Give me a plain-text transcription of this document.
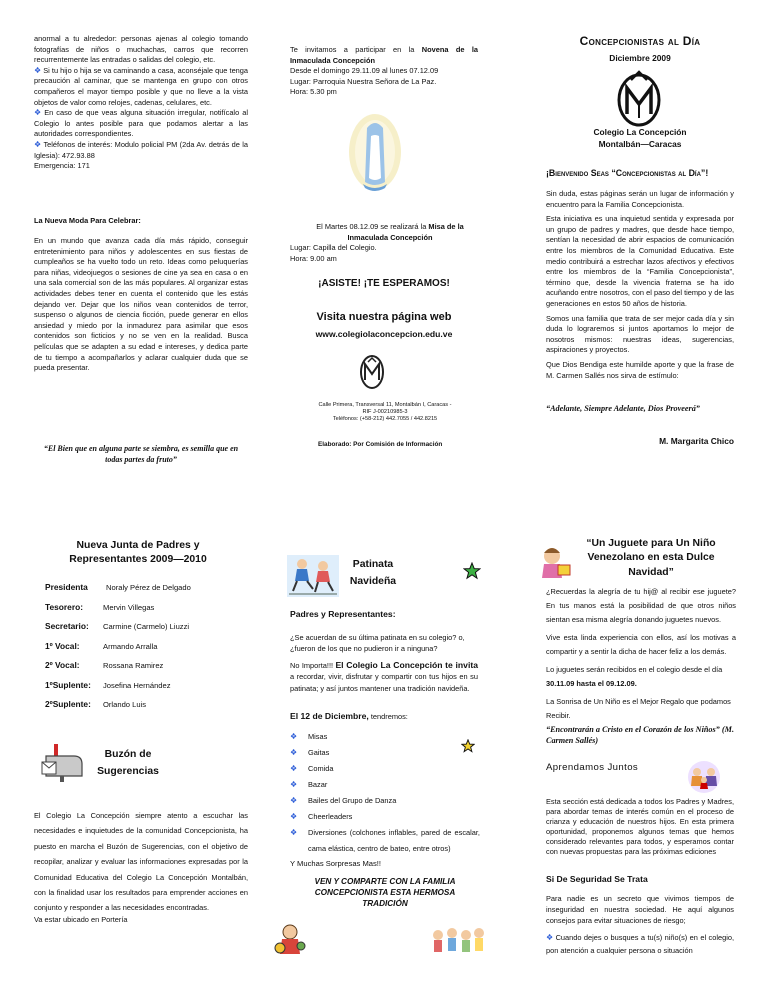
anormal a tu alrededor: personas ajenas al colegio tomando fotografías de niños o muchachas, carros que recorren recurrentemente las entradas o salidas del colegio, etc.

❖ Si tu hijo o hija se va caminando a casa, aconséjale que tenga precaución al caminar, que se mantenga en grupo con otros compañeros el mayor tiempo posible y que no lleve a la vista objetos de valor como relojes, cadenas, celulares, etc.

❖ En caso de que veas alguna situación irregular, notifícalo al Colegio lo antes posible para que podamos alertar a las autoridades correspondientes.

❖ Teléfonos de interés: Modulo policial PM (2da Av. detrás de la Iglesia): 472.93.88

Emergencia: 171

La Nueva Moda Para Celebrar:
En un mundo que avanza cada día más rápido, conseguir entretenimiento para niños y adolescentes en sus fiestas de cumpleaños se ha vuelto todo un reto. Ideas como peluquerías para niñas, videojuegos o sesiones de cine ya sea en casa o en una sala comercial son de las más populares. Al organizar estas actividades debes tener en cuenta el contenido que les estás dejando ver. Dejar que los niños vean contenidos de terror, suspenso o algunos de ciencia ficción, puede generar en ellos ansiedad y miedo por la inmadurez para asimilar que esos contenidos son ficticios y no se ven en la realidad. Busca películas que se adapten a su edad e intereses, y dedica parte de tu tiempo a acompañarlos y aclarar cualquier duda que se pueda presentar.
“El Bien que en alguna parte se siembra, es semilla que en todas partes da fruto”

Te invitamos a participar en la Novena de la Inmaculada Concepción

Desde el domingo 29.11.09 al lunes 07.12.09

Lugar: Parroquia Nuestra Señora de La Paz.

Hora: 5.30 pm

El Martes 08.12.09 se realizará la Misa de la Inmaculada Concepción

Lugar: Capilla del Colegio.

Hora: 9.00 am

¡ASISTE! ¡TE ESPERAMOS!
Visita nuestra página web
www.colegiolaconcepcion.edu.ve

Calle Primera, Transversal 11, Montalbán I, Caracas -

RIF J-00210985-3

Teléfonos: (+58-212) 442.7055 / 442.8215

Elaborado: Por Comisión de Información
Concepcionistas al Día
Diciembre 2009
Colegio La Concepción
Montalbán—Caracas
¡Bienvenido Seas “Concepcionistas al Día”!

Sin duda, estas páginas serán un lugar de información y encuentro para la Familia Concepcionista.

Esta iniciativa es una inquietud sentida y expresada por un grupo de padres y madres, que desde hace tiempo, sentían la necesidad de abrir espacios de comunicación entre los miembros de la Comunidad Educativa. Este medio contribuirá a estrechar lazos afectivos y efectivos entre los miembros de la “Familia Concepcionista”, término que, desde la vivencia fraterna se ha ido acuñando entre nosotros, con el paso del tiempo y de las generaciones en estos 50 años de historia.

Somos una familia que trata de ser mejor cada día y sin duda lo lograremos si juntos aportamos lo mejor de nosotros mismos: nuestras ideas, sugerencias, aspiraciones y proyectos.

Que Dios Bendiga este humilde aporte y que la frase de M. Carmen Sallés nos sirva de estímulo:

“Adelante, Siempre Adelante, Dios Proveerá”
M. Margarita Chico
Nueva Junta de Padres y Representantes 2009—2010
Presidenta	Noraly Pérez de Delgado
Tesorero:	Mervin Villegas
Secretario:	Carmine (Carmelo) Liuzzi
1º Vocal:	Armando Arralla
2º Vocal:	Rossana Ramirez
1ºSuplente:	Josefina Hernández
2ºSuplente:	Orlando Luis
Buzón de Sugerencias
El Colegio La Concepción siempre atento a escuchar las necesidades e inquietudes de la comunidad Concepcionista, ha puesto en marcha el Buzón de Sugerencias, con el objetivo de recopilar, analizar y evaluar las informaciones expresadas por la Comunidad Educativa del Colegio La Concepción Montalbán, con la finalidad usar los resultados para emprender acciones en conjunto y responder a las necesidades encontradas.
Va estar ubicado en Portería
Patinata Navideña
Padres y Representantes:
¿Se acuerdan de su última patinata en su colegio? o, ¿fueron de los que no pudieron ir a ninguna?
No Importa!!! El Colegio La Concepción te invita a recordar, vivir, disfrutar y compartir con tus hijos en su patinata; y así juntos mantener una tradición navideña.
El 12 de Diciembre, tendremos:
❖	Misas
❖	Gaitas
❖	Comida
❖	Bazar
❖	Bailes del Grupo de Danza
❖	Cheerleaders
❖	Diversiones (colchones inflables, pared de escalar, cama elástica, centro de bateo, entre otros)
Y Muchas Sorpresas Mas!!
VEN Y COMPARTE CON LA FAMILIA CONCEPCIONISTA ESTA HERMOSA TRADICIÓN
“Un Juguete para Un Niño Venezolano en esta Dulce Navidad”

¿Recuerdas la alegría de tu hij@ al recibir ese juguete? En tus manos está la posibilidad de que otros niños sientan esa misma alegría donando juguetes nuevos.

Vive esta linda experiencia con ellos, así los motivas a compartir y a sentir la dicha de hacer feliz a los demás.

Lo juguetes serán recibidos en el colegio desde el día 30.11.09 hasta el 09.12.09.

La Sonrisa de Un Niño es el Mejor Regalo que podamos Recibir.

“Encontrarán a Cristo en el Corazón de los Niños” (M. Carmen Sallés)
Aprendamos Juntos
Esta sección está dedicada a todos los Padres y Madres, para abordar temas de interés común en el proceso de crianza y educación de nuestros hijos. En esta primera oportunidad, proponemos algunos temas que hemos considerado relevantes para todos, y esperamos contar con nuevas propuestas para las próximas ediciones
Si De Seguridad Se Trata
Para nadie es un secreto que vivimos tiempos de inseguridad en nuestra sociedad. He aquí algunos consejos para evitar situaciones de riesgo;
❖ Cuando dejes o busques a tu(s) niño(s) en el colegio, pon atención a cualquier persona o situación
